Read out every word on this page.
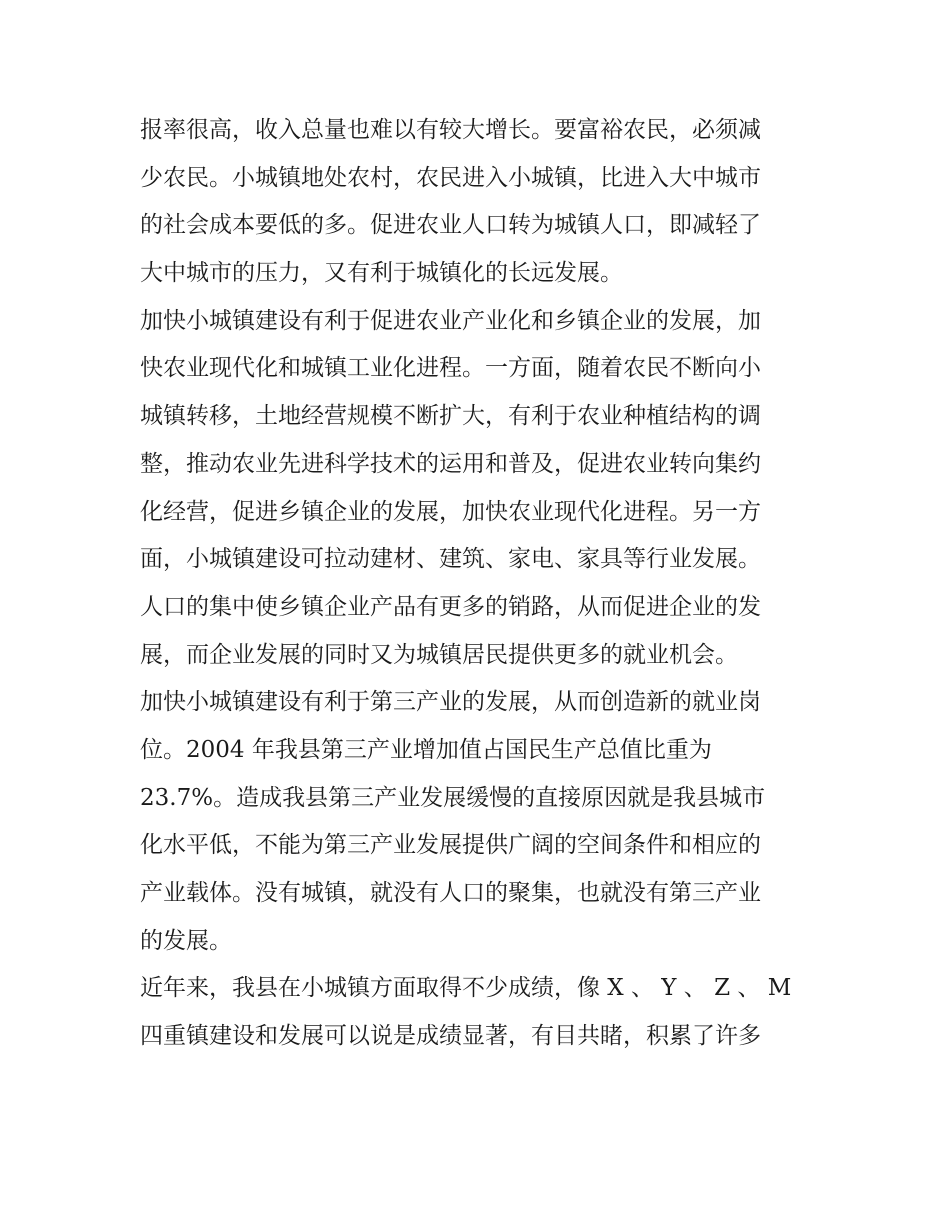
报率很高，收入总量也难以有较大增长。要富裕农民，必须减
少农民。小城镇地处农村，农民进入小城镇，比进入大中城市
的社会成本要低的多。促进农业人口转为城镇人口，即减轻了
大中城市的压力，又有利于城镇化的长远发展。
加快小城镇建设有利于促进农业产业化和乡镇企业的发展，加
快农业现代化和城镇工业化进程。一方面，随着农民不断向小
城镇转移，土地经营规模不断扩大，有利于农业种植结构的调
整，推动农业先进科学技术的运用和普及，促进农业转向集约
化经营，促进乡镇企业的发展，加快农业现代化进程。另一方
面，小城镇建设可拉动建材、建筑、家电、家具等行业发展。
人口的集中使乡镇企业产品有更多的销路，从而促进企业的发
展，而企业发展的同时又为城镇居民提供更多的就业机会。
加快小城镇建设有利于第三产业的发展，从而创造新的就业岗
位。2004 年我县第三产业增加值占国民生产总值比重为
23.7%。造成我县第三产业发展缓慢的直接原因就是我县城市
化水平低，不能为第三产业发展提供广阔的空间条件和相应的
产业载体。没有城镇，就没有人口的聚集，也就没有第三产业
的发展。
近年来，我县在小城镇方面取得不少成绩，像 X 、 Y 、 Z 、 M
四重镇建设和发展可以说是成绩显著，有目共睹，积累了许多
